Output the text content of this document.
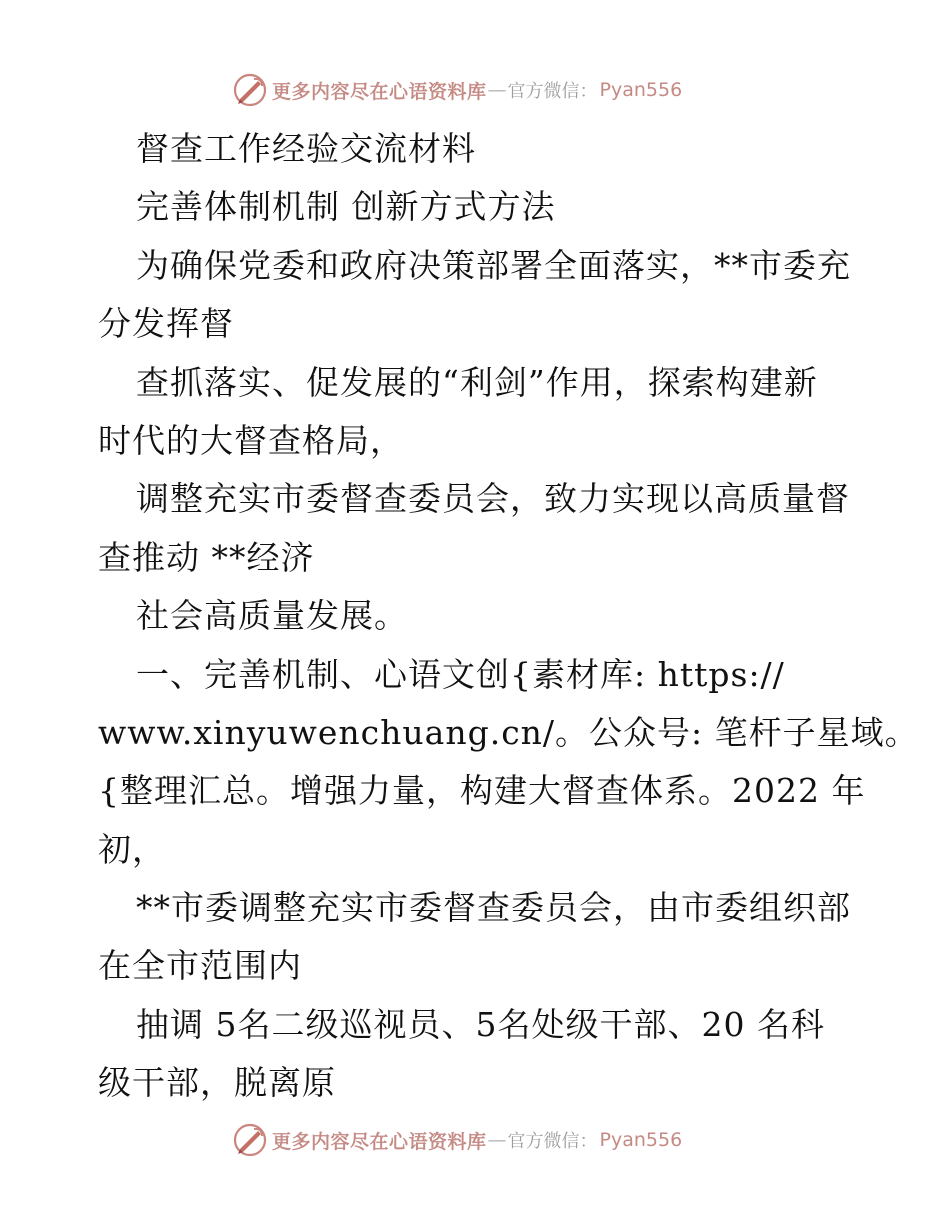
更多内容尽在心语资料库 — 官方微信： Pyan556
督查工作经验交流材料
完善体制机制 创新方式方法
为确保党委和政府决策部署全面落实，**市委充
分发挥督
查抓落实、促发展的“利剑”作用，探索构建新
时代的大督查格局，
调整充实市委督查委员会，致力实现以高质量督
查推动 **经济
社会高质量发展。
一、完善机制、心语文创{素材库: https://
www.xinyuwenchuang.cn/。公众号: 笔杆子星域。
{整理汇总。增强力量，构建大督查体系。2022 年
初，
**市委调整充实市委督查委员会，由市委组织部
在全市范围内
抽调 5名二级巡视员、5名处级干部、20 名科
级干部，脱离原
更多内容尽在心语资料库 — 官方微信： Pyan556
